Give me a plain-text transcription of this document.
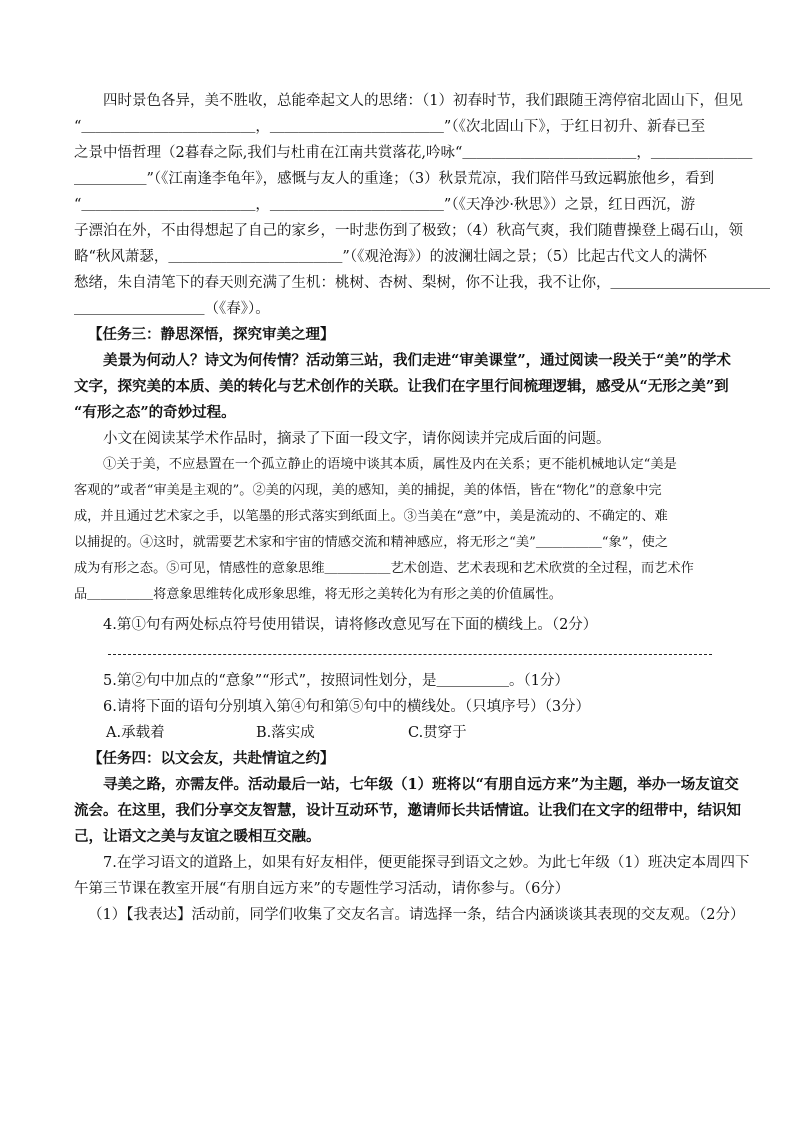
四时景色各异，美不胜收，总能牵起文人的思绪：（1）初春时节，我们跟随王湾停宿北固山下，但见
“＿＿＿＿＿＿＿＿＿＿＿＿，＿＿＿＿＿＿＿＿＿＿＿＿”（《次北固山下》，于红日初升、新春已至
之景中悟哲理（2暮春之际,我们与杜甫在江南共赏落花,吟咏“＿＿＿＿＿＿＿＿＿＿＿＿，＿＿＿＿＿＿＿
＿＿＿＿＿”（《江南逢李龟年》，感慨与友人的重逢；（3）秋景荒凉，我们陪伴马致远羁旅他乡，看到
“＿＿＿＿＿＿＿＿＿＿＿＿，＿＿＿＿＿＿＿＿＿＿＿＿”（《天净沙·秋思》）之景，红日西沉，游
子漂泊在外，不由得想起了自己的家乡，一时悲伤到了极致；（4）秋高气爽，我们随曹操登上碣石山，领
略“秋风萧瑟，＿＿＿＿＿＿＿＿＿＿＿＿”（《观沧海》）的波澜壮阔之景；（5）比起古代文人的满怀
愁绪，朱自清笔下的春天则充满了生机：桃树、杏树、梨树，你不让我，我不让你，＿＿＿＿＿＿＿＿＿＿＿
＿＿＿＿＿＿＿＿＿（《春》）。
【任务三：静思深悟，探究审美之理】
美景为何动人？诗文为何传情？活动第三站，我们走进“审美课堂”，通过阅读一段关于“美”的学术
文字，探究美的本质、美的转化与艺术创作的关联。让我们在字里行间梳理逻辑，感受从“无形之美”到
“有形之态”的奇妙过程。
小文在阅读某学术作品时，摘录了下面一段文字，请你阅读并完成后面的问题。
①关于美，不应悬置在一个孤立静止的语境中谈其本质，属性及内在关系；更不能机械地认定“美是
客观的”或者“审美是主观的”。②美的闪现，美的感知，美的捕捉，美的体悟，皆在“物化”的意象中完
成，并且通过艺术家之手，以笔墨的形式落实到纸面上。③当美在“意”中，美是流动的、不确定的、难
以捕捉的。④这时，就需要艺术家和宇宙的情感交流和精神感应，将无形之“美”＿＿＿＿＿“象”，使之
成为有形之态。⑤可见，情感性的意象思维＿＿＿＿＿艺术创造、艺术表现和艺术欣赏的全过程，而艺术作
品＿＿＿＿＿将意象思维转化成形象思维，将无形之美转化为有形之美的价值属性。
4.第①句有两处标点符号使用错误，请将修改意见写在下面的横线上。（2分）
5.第②句中加点的“意象”“形式”，按照词性划分，是＿＿＿＿＿。（1分）
6.请将下面的语句分别填入第④句和第⑤句中的横线处。（只填序号）（3分）
A.承载着	B.落实成	C.贯穿于
【任务四：以文会友，共赴情谊之约】
寻美之路，亦需友伴。活动最后一站，七年级（1）班将以“有朋自远方来”为主题，举办一场友谊交
流会。在这里，我们分享交友智慧，设计互动环节，邀请师长共话情谊。让我们在文字的纽带中，结识知
己，让语文之美与友谊之暖相互交融。
7.在学习语文的道路上，如果有好友相伴，便更能探寻到语文之妙。为此七年级（1）班决定本周四下
午第三节课在教室开展“有朋自远方来”的专题性学习活动，请你参与。（6分）
（1）【我表达】活动前，同学们收集了交友名言。请选择一条，结合内涵谈谈其表现的交友观。（2分）
